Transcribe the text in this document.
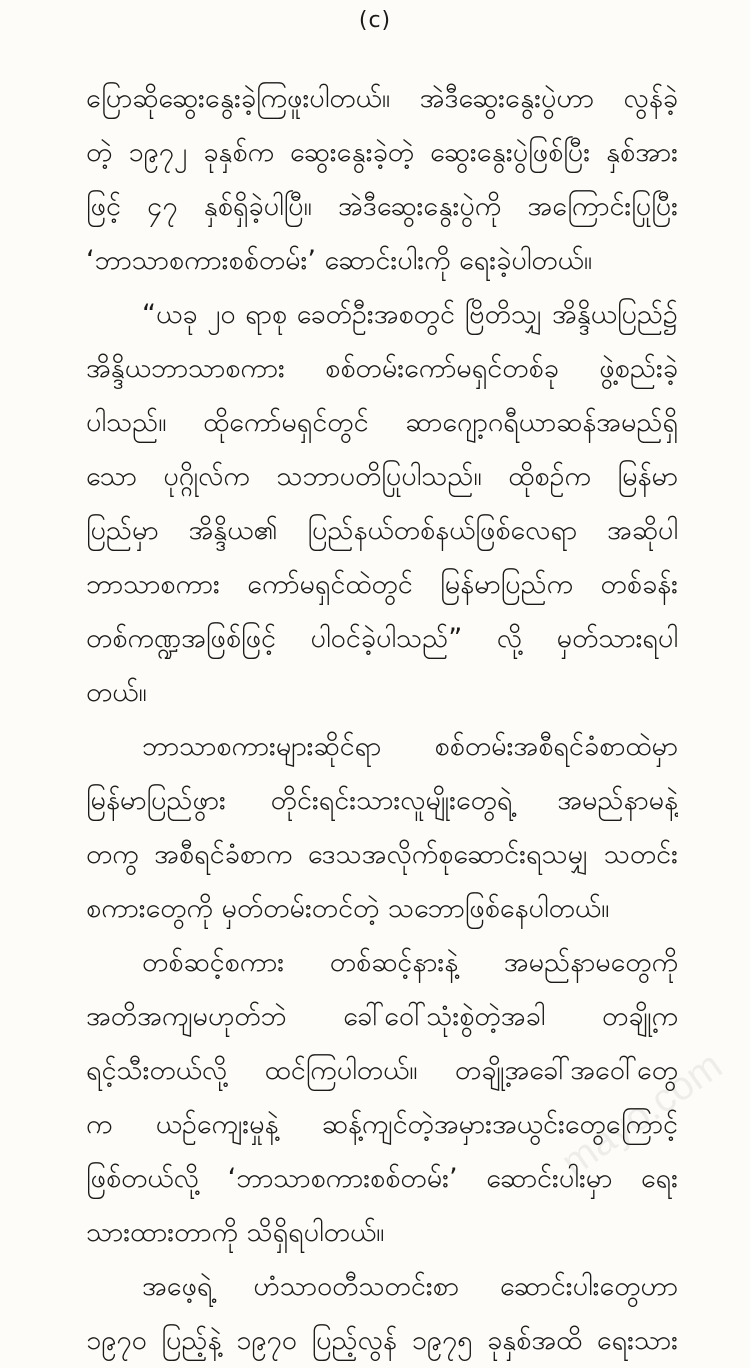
(c)
ပြောဆိုဆွေးနွေးခဲ့ကြဖူးပါတယ်။ အဲဒီဆွေးနွေးပွဲဟာ လွန်ခဲ့
တဲ့ ၁၉၇၂ ခုနှစ်က ဆွေးနွေးခဲ့တဲ့ ဆွေးနွေးပွဲဖြစ်ပြီး နှစ်အား
ဖြင့် ၄၇ နှစ်ရှိခဲ့ပါပြီ။ အဲဒီဆွေးနွေးပွဲကို အကြောင်းပြုပြီး
‘ဘာသာစကားစစ်တမ်း’ ဆောင်းပါးကို ရေးခဲ့ပါတယ်။
“ယခု ၂၀ ရာစု ခေတ်ဦးအစတွင် ဗြိတိသျှ အိန္ဒိယပြည်၌
အိန္ဒိယဘာသာစကား စစ်တမ်းကော်မရှင်တစ်ခု ဖွဲ့စည်းခဲ့
ပါသည်။ ထိုကော်မရှင်တွင် ဆာဂျော့ဂရီယာဆန်အမည်ရှိ
သော ပုဂ္ဂိုလ်က သဘာပတိပြုပါသည်။ ထိုစဉ်က မြန်မာ
ပြည်မှာ အိန္ဒိယ၏ ပြည်နယ်တစ်နယ်ဖြစ်လေရာ အဆိုပါ
ဘာသာစကား ကော်မရှင်ထဲတွင် မြန်မာပြည်က တစ်ခန်း
တစ်ကဏ္ဍအဖြစ်ဖြင့် ပါဝင်ခဲ့ပါသည်” လို့ မှတ်သားရပါ
တယ်။
ဘာသာစကားများဆိုင်ရာ စစ်တမ်းအစီရင်ခံစာထဲမှာ
မြန်မာပြည်ဖွား တိုင်းရင်းသားလူမျိုးတွေရဲ့ အမည်နာမနဲ့
တကွ အစီရင်ခံစာက ဒေသအလိုက်စုဆောင်းရသမျှ သတင်း
စကားတွေကို မှတ်တမ်းတင်တဲ့ သဘောဖြစ်နေပါတယ်။
တစ်ဆင့်စကား တစ်ဆင့်နားနဲ့ အမည်နာမတွေကို
အတိအကျမဟုတ်ဘဲ ခေါ်ဝေါ်သုံးစွဲတဲ့အခါ တချို့က
ရင့်သီးတယ်လို့ ထင်ကြပါတယ်။ တချို့အခေါ်အဝေါ်တွေ
က ယဉ်ကျေးမှုနဲ့ ဆန့်ကျင်တဲ့အမှားအယွင်းတွေကြောင့်
ဖြစ်တယ်လို့ ‘ဘာသာစကားစစ်တမ်း’ ဆောင်းပါးမှာ ရေး
သားထားတာကို သိရှိရပါတယ်။
အဖေ့ရဲ့ ဟံသာဝတီသတင်းစာ ဆောင်းပါးတွေဟာ
၁၉၇၀ ပြည့်နဲ့ ၁၉၇၀ ပြည့်လွန် ၁၉၇၅ ခုနှစ်အထိ ရေးသား
mayo.com
